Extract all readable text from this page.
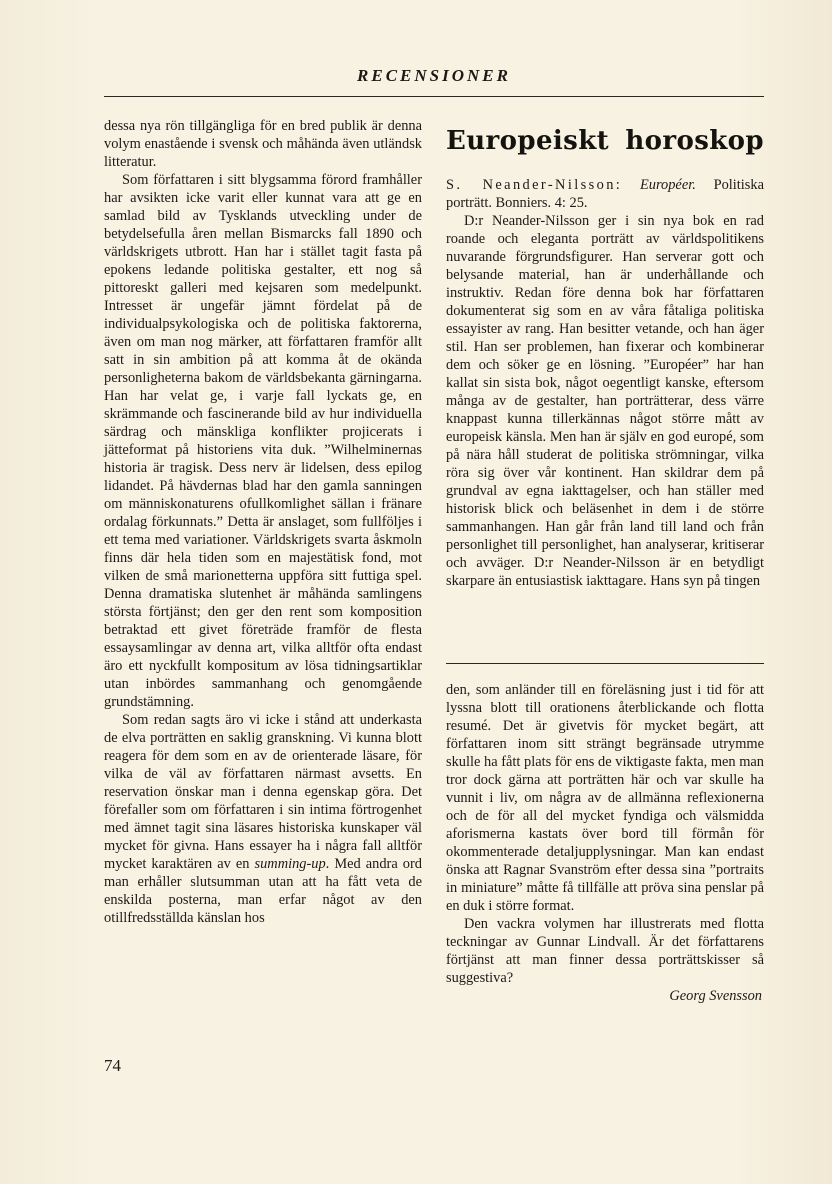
RECENSIONER

dessa nya rön tillgängliga för en bred publik är denna volym enastående i svensk och måhända även utländsk litteratur.

Som författaren i sitt blygsamma förord framhåller har avsikten icke varit eller kunnat vara att ge en samlad bild av Tysklands utveckling under de betydelsefulla åren mellan Bismarcks fall 1890 och världskrigets utbrott. Han har i stället tagit fasta på epokens ledande politiska gestalter, ett nog så pittoreskt galleri med kejsaren som medelpunkt. Intresset är ungefär jämnt fördelat på de individualpsykologiska och de politiska faktorerna, även om man nog märker, att författaren framför allt satt in sin ambition på att komma åt de okända personligheterna bakom de världsbekanta gärningarna. Han har velat ge, i varje fall lyckats ge, en skrämmande och fascinerande bild av hur individuella särdrag och mänskliga konflikter projicerats i jätteformat på historiens vita duk. ”Wilhelminernas historia är tragisk. Dess nerv är lidelsen, dess epilog lidandet. På hävdernas blad har den gamla sanningen om människonaturens ofullkomlighet sällan i fränare ordalag förkunnats.” Detta är anslaget, som fullföljes i ett tema med variationer. Världskrigets svarta åskmoln finns där hela tiden som en majestätisk fond, mot vilken de små marionetterna uppföra sitt futtiga spel. Denna dramatiska slutenhet är måhända samlingens största förtjänst; den ger den rent som komposition betraktad ett givet företräde framför de flesta essaysamlingar av denna art, vilka alltför ofta endast äro ett nyckfullt kompositum av lösa tidningsartiklar utan inbördes sammanhang och genomgående grundstämning.

Som redan sagts äro vi icke i stånd att underkasta de elva porträtten en saklig granskning. Vi kunna blott reagera för dem som en av de orienterade läsare, för vilka de väl av författaren närmast avsetts. En reservation önskar man i denna egenskap göra. Det förefaller som om författaren i sin intima förtrogenhet med ämnet tagit sina läsares historiska kunskaper väl mycket för givna. Hans essayer ha i några fall alltför mycket karaktären av en summing-up. Med andra ord man erhåller slutsumman utan att ha fått veta de enskilda posterna, man erfar något av den otillfredsställda känslan hos

Europeiskt horoskop

S. Neander-Nilsson: Européer. Politiska porträtt. Bonniers. 4: 25.

D:r Neander-Nilsson ger i sin nya bok en rad roande och eleganta porträtt av världspolitikens nuvarande förgrundsfigurer. Han serverar gott och belysande material, han är underhållande och instruktiv. Redan före denna bok har författaren dokumenterat sig som en av våra fåtaliga politiska essayister av rang. Han besitter vetande, och han äger stil. Han ser problemen, han fixerar och kombinerar dem och söker ge en lösning. ”Européer” har han kallat sin sista bok, något oegentligt kanske, eftersom många av de gestalter, han porträtterar, dess värre knappast kunna tillerkännas något större mått av europeisk känsla. Men han är själv en god europé, som på nära håll studerat de politiska strömningar, vilka röra sig över vår kontinent. Han skildrar dem på grundval av egna iakttagelser, och han ställer med historisk blick och beläsenhet in dem i de större sammanhangen. Han går från land till land och från personlighet till personlighet, han analyserar, kritiserar och avväger. D:r Neander-Nilsson är en betydligt skarpare än entusiastisk iakttagare. Hans syn på tingen

den, som anländer till en föreläsning just i tid för att lyssna blott till orationens återblickande och flotta resumé. Det är givetvis för mycket begärt, att författaren inom sitt strängt begränsade utrymme skulle ha fått plats för ens de viktigaste fakta, men man tror dock gärna att porträtten här och var skulle ha vunnit i liv, om några av de allmänna reflexionerna och de för all del mycket fyndiga och välsmidda aforismerna kastats över bord till förmån för okommenterade detaljupplysningar. Man kan endast önska att Ragnar Svanström efter dessa sina ”portraits in miniature” måtte få tillfälle att pröva sina penslar på en duk i större format.

Den vackra volymen har illustrerats med flotta teckningar av Gunnar Lindvall. Är det författarens förtjänst att man finner dessa porträttskisser så suggestiva?

Georg Svensson

74
